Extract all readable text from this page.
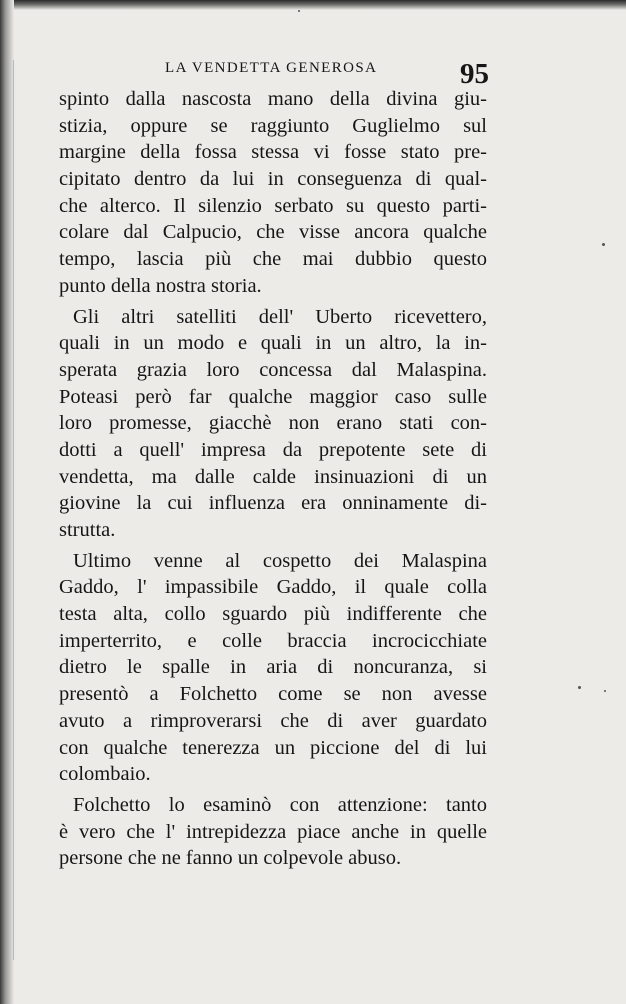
LA VENDETTA GENEROSA	95
spinto dalla nascosta mano della divina giu-
stizia, oppure se raggiunto Guglielmo sul
margine della fossa stessa vi fosse stato pre-
cipitato dentro da lui in conseguenza di qual-
che alterco. Il silenzio serbato su questo parti-
colare dal Calpucio, che visse ancora qualche
tempo, lascia più che mai dubbio questo
punto della nostra storia.
Gli altri satelliti dell' Uberto ricevettero,
quali in un modo e quali in un altro, la in-
sperata grazia loro concessa dal Malaspina.
Poteasi però far qualche maggior caso sulle
loro promesse, giacchè non erano stati con-
dotti a quell' impresa da prepotente sete di
vendetta, ma dalle calde insinuazioni di un
giovine la cui influenza era onninamente di-
strutta.
Ultimo venne al cospetto dei Malaspina
Gaddo, l' impassibile Gaddo, il quale colla
testa alta, collo sguardo più indifferente che
imperterrito, e colle braccia incrocicchiate
dietro le spalle in aria di noncuranza, si
presentò a Folchetto come se non avesse
avuto a rimproverarsi che di aver guardato
con qualche tenerezza un piccione del di lui
colombaio.
Folchetto lo esaminò con attenzione: tanto
è vero che l' intrepidezza piace anche in quelle
persone che ne fanno un colpevole abuso.
